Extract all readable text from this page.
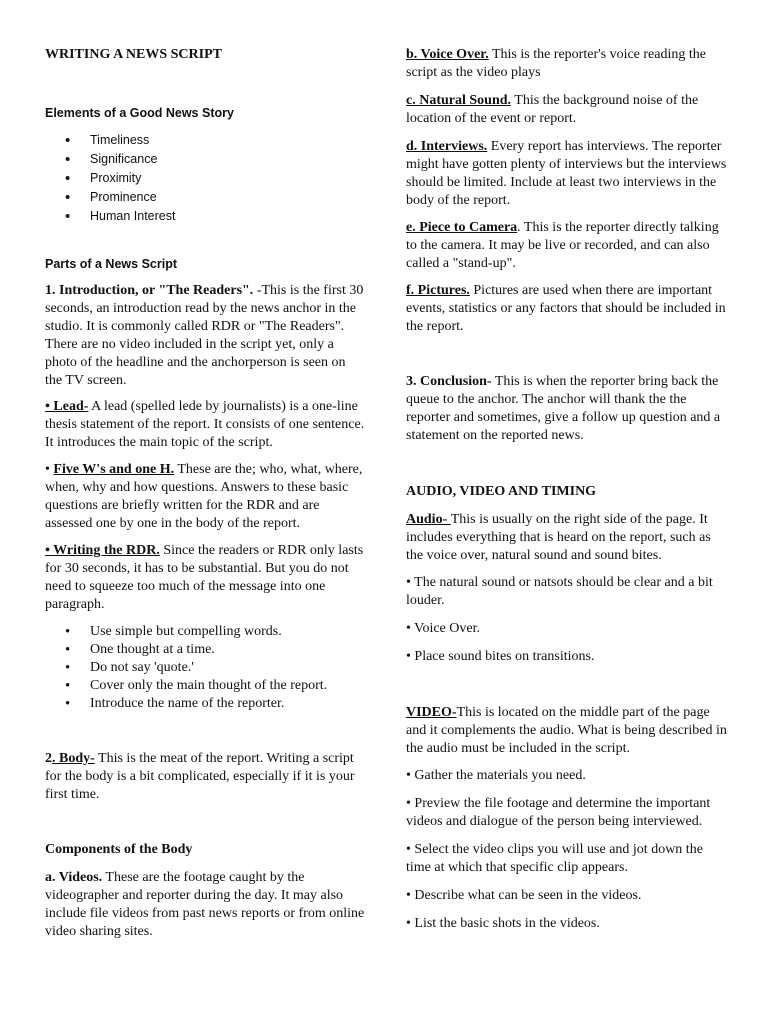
WRITING A NEWS SCRIPT

Elements of a Good News Story
• Timeliness
• Significance
• Proximity
• Prominence
• Human Interest
Parts of a News Script

1. Introduction, or "The Readers". -This is the first 30 seconds, an introduction read by the news anchor in the studio. It is commonly called RDR or "The Readers". There are no video included in the script yet, only a photo of the headline and the anchorperson is seen on the TV screen.

• Lead- A lead (spelled lede by journalists) is a one-line thesis statement of the report. It consists of one sentence. It introduces the main topic of the script.

• Five W's and one H. These are the; who, what, where, when, why and how questions. Answers to these basic questions are briefly written for the RDR and are assessed one by one in the body of the report.

• Writing the RDR. Since the readers or RDR only lasts for 30 seconds, it has to be substantial. But you do not need to squeeze too much of the message into one paragraph.

• Use simple but compelling words.
• One thought at a time.
• Do not say 'quote.'
• Cover only the main thought of the report.
• Introduce the name of the reporter.

2. Body- This is the meat of the report. Writing a script for the body is a bit complicated, especially if it is your first time.

Components of the Body

a. Videos. These are the footage caught by the videographer and reporter during the day. It may also include file videos from past news reports or from online video sharing sites.

b. Voice Over. This is the reporter's voice reading the script as the video plays

c. Natural Sound. This the background noise of the location of the event or report.

d. Interviews. Every report has interviews. The reporter might have gotten plenty of interviews but the interviews should be limited. Include at least two interviews in the body of the report.

e. Piece to Camera. This is the reporter directly talking to the camera. It may be live or recorded, and can also called a "stand-up".

f. Pictures. Pictures are used when there are important events, statistics or any factors that should be included in the report.

3. Conclusion- This is when the reporter bring back the queue to the anchor. The anchor will thank the the reporter and sometimes, give a follow up question and a statement on the reported news.

AUDIO, VIDEO AND TIMING

Audio- This is usually on the right side of the page. It includes everything that is heard on the report, such as the voice over, natural sound and sound bites.

• The natural sound or natsots should be clear and a bit louder.

• Voice Over.

• Place sound bites on transitions.

VIDEO-This is located on the middle part of the page and it complements the audio. What is being described in the audio must be included in the script.

• Gather the materials you need.

• Preview the file footage and determine the important videos and dialogue of the person being interviewed.

• Select the video clips you will use and jot down the time at which that specific clip appears.

• Describe what can be seen in the videos.

• List the basic shots in the videos.
